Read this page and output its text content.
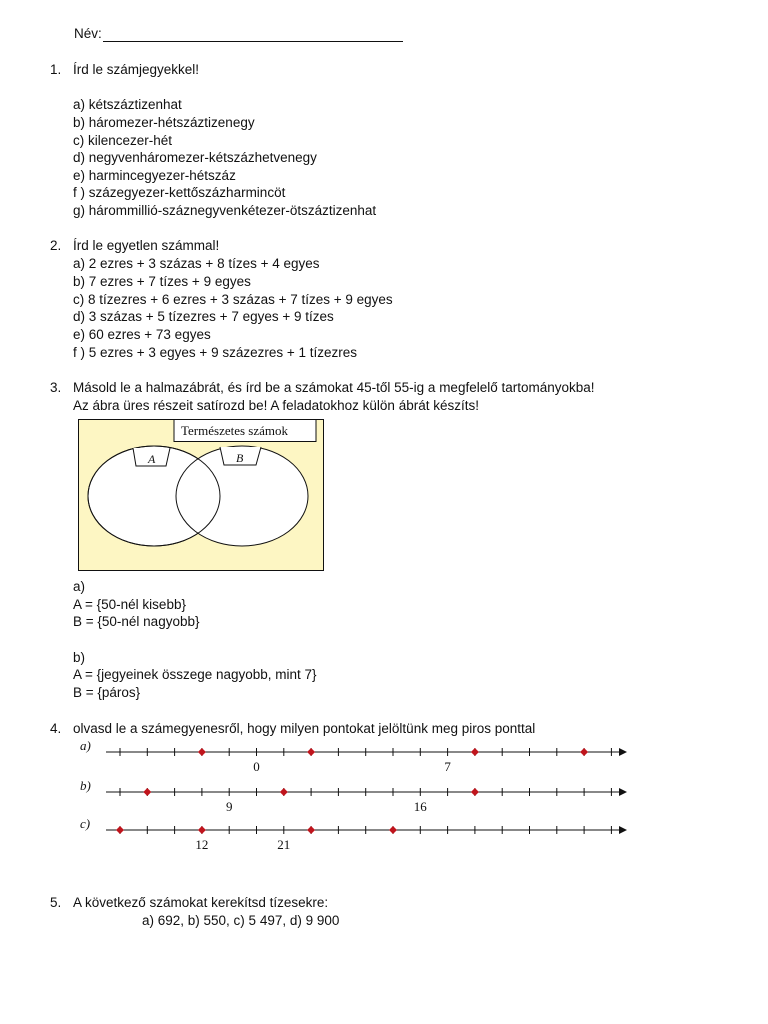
Név:
1. Írd le számjegyekkel!
a) kétszáztizenhat
b) háromezer-hétszáztizenegy
c) kilencezer-hét
d) negyvenháromezer-kétszázhetvenegy
e) harmincegyezer-hétszáz
f ) százegyezer-kettőszázharmincöt
g) hárommillió-száznegyvenkétezer-ötszáztizenhat
2. Írd le egyetlen számmal!
a) 2 ezres + 3 százas + 8 tízes + 4 egyes
b) 7 ezres + 7 tízes + 9 egyes
c) 8 tízezres + 6 ezres + 3 százas + 7 tízes + 9 egyes
d) 3 százas + 5 tízezres + 7 egyes + 9 tízes
e) 60 ezres + 73 egyes
f ) 5 ezres + 3 egyes + 9 százezres + 1 tízezres
3. Másold le a halmazábrát, és írd be a számokat 45-től 55-ig a megfelelő tartományokba!
Az ábra üres részeit satírozd be! A feladatokhoz külön ábrát készíts!
Természetes számok
A	B
a)
A = {50-nél kisebb}
B = {50-nél nagyobb}
b)
A = {jegyeinek összege nagyobb, mint 7}
B = {páros}
4. olvasd le a számegyenesről, hogy milyen pontokat jelöltünk meg piros ponttal
a)
0	7
b)
9	16
c)
12	21
5. A következő számokat kerekítsd tízesekre:
a) 692, b) 550, c) 5 497, d) 9 900
